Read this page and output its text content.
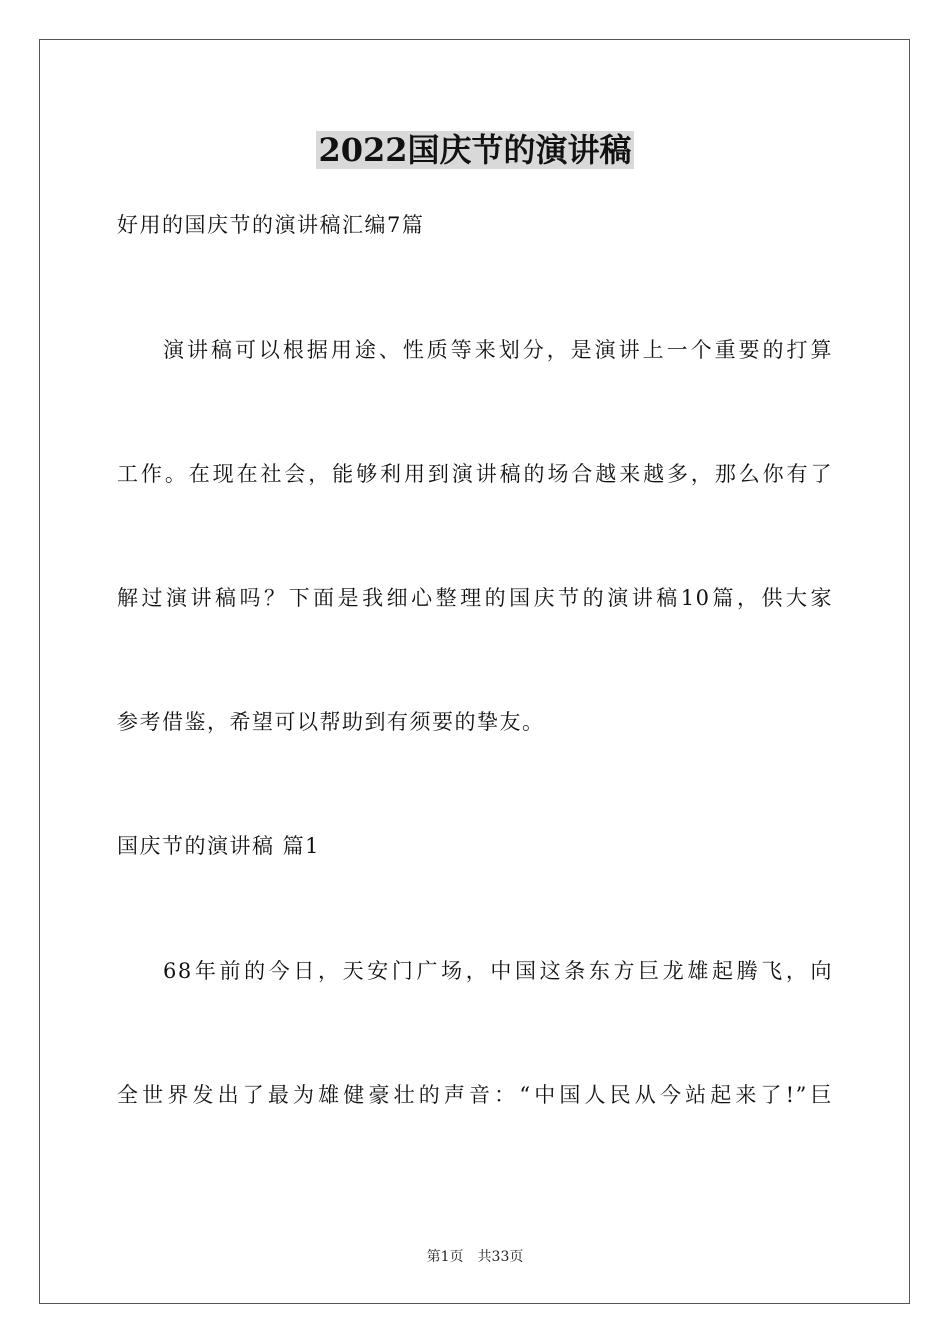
2022国庆节的演讲稿

好用的国庆节的演讲稿汇编7篇

演讲稿可以根据用途、性质等来划分，是演讲上一个重要的打算

工作。在现在社会，能够利用到演讲稿的场合越来越多，那么你有了

解过演讲稿吗？下面是我细心整理的国庆节的演讲稿10篇，供大家

参考借鉴，希望可以帮助到有须要的挚友。

国庆节的演讲稿 篇1

68年前的今日，天安门广场，中国这条东方巨龙雄起腾飞，向

全世界发出了最为雄健豪壮的声音：“中国人民从今站起来了!”巨

第1页 共33页
